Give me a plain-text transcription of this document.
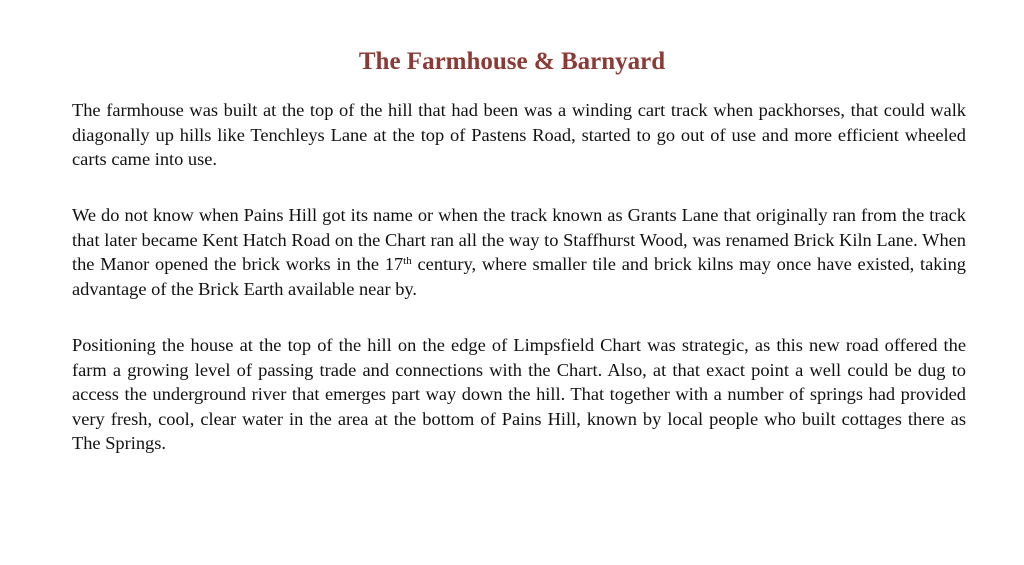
The Farmhouse & Barnyard

The farmhouse was built at the top of the hill that had been was a winding cart track when packhorses, that could walk diagonally up hills like Tenchleys Lane at the top of Pastens Road, started to go out of use and more efficient wheeled carts came into use.

We do not know when Pains Hill got its name or when the track known as Grants Lane that originally ran from the track that later became Kent Hatch Road on the Chart ran all the way to Staffhurst Wood, was renamed Brick Kiln Lane. When the Manor opened the brick works in the 17th century, where smaller tile and brick kilns may once have existed, taking advantage of the Brick Earth available near by.

Positioning the house at the top of the hill on the edge of Limpsfield Chart was strategic, as this new road offered the farm a growing level of passing trade and connections with the Chart. Also, at that exact point a well could be dug to access the underground river that emerges part way down the hill. That together with a number of springs had provided very fresh, cool, clear water in the area at the bottom of Pains Hill, known by local people who built cottages there as The Springs.
